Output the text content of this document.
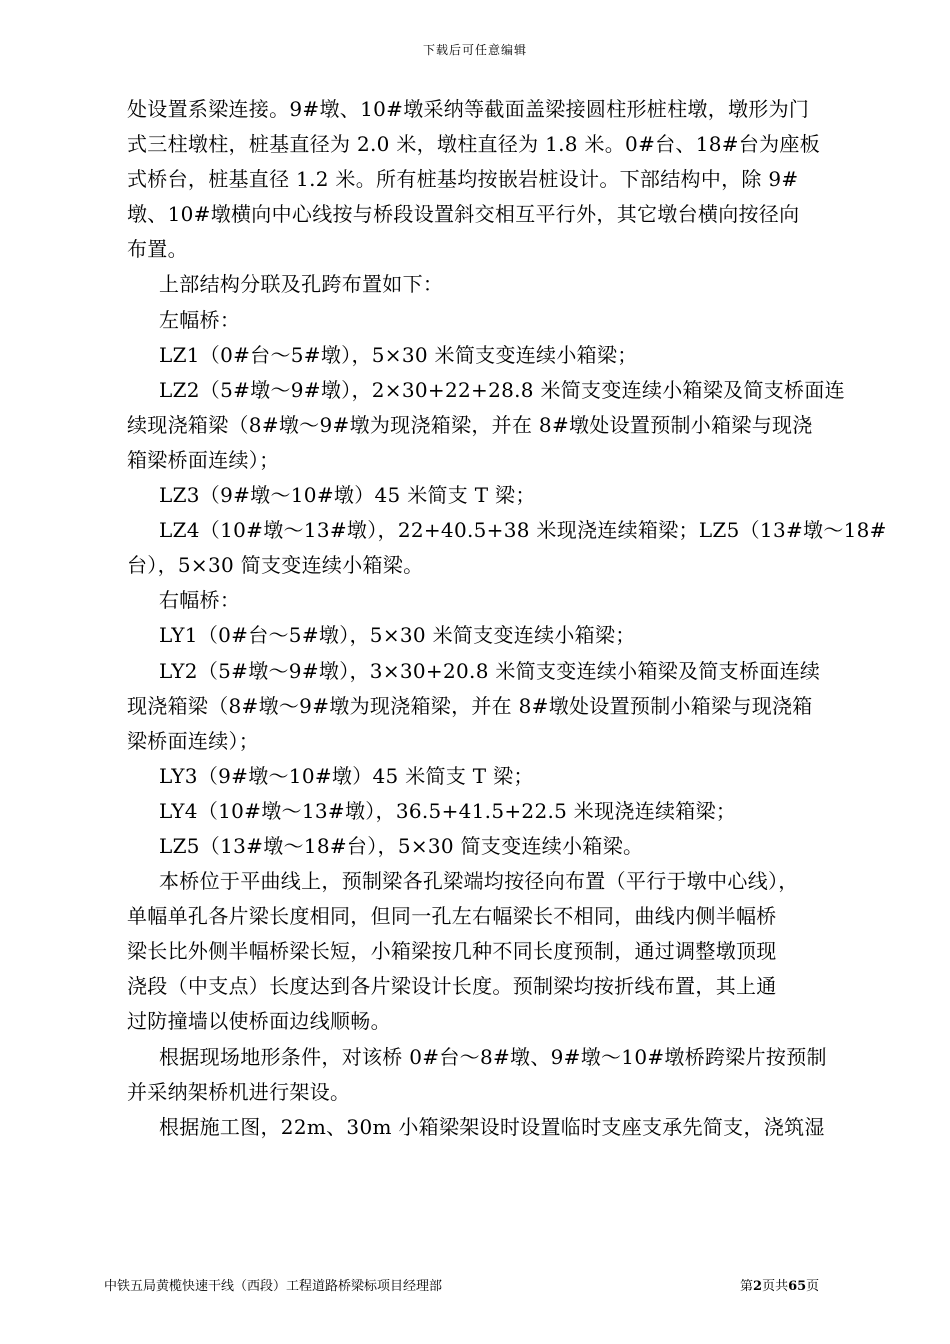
下载后可任意编辑
处设置系梁连接。9#墩、10#墩采纳等截面盖梁接圆柱形桩柱墩，墩形为门
式三柱墩柱，桩基直径为 2.0 米，墩柱直径为 1.8 米。0#台、18#台为座板
式桥台，桩基直径 1.2 米。所有桩基均按嵌岩桩设计。下部结构中，除 9#
墩、10#墩横向中心线按与桥段设置斜交相互平行外，其它墩台横向按径向
布置。
上部结构分联及孔跨布置如下：
左幅桥：
LZ1（0#台～5#墩），5×30 米简支变连续小箱梁；
LZ2（5#墩～9#墩），2×30+22+28.8 米简支变连续小箱梁及简支桥面连
续现浇箱梁（8#墩～9#墩为现浇箱梁，并在 8#墩处设置预制小箱梁与现浇
箱梁桥面连续）；
LZ3（9#墩～10#墩）45 米简支 T 梁；
LZ4（10#墩～13#墩），22+40.5+38 米现浇连续箱梁；LZ5（13#墩～18#
台），5×30 简支变连续小箱梁。
右幅桥：
LY1（0#台～5#墩），5×30 米简支变连续小箱梁；
LY2（5#墩～9#墩），3×30+20.8 米简支变连续小箱梁及简支桥面连续
现浇箱梁（8#墩～9#墩为现浇箱梁，并在 8#墩处设置预制小箱梁与现浇箱
梁桥面连续）；
LY3（9#墩～10#墩）45 米简支 T 梁；
LY4（10#墩～13#墩），36.5+41.5+22.5 米现浇连续箱梁；
LZ5（13#墩～18#台），5×30 简支变连续小箱梁。
本桥位于平曲线上，预制梁各孔梁端均按径向布置（平行于墩中心线），
单幅单孔各片梁长度相同，但同一孔左右幅梁长不相同，曲线内侧半幅桥
梁长比外侧半幅桥梁长短，小箱梁按几种不同长度预制，通过调整墩顶现
浇段（中支点）长度达到各片梁设计长度。预制梁均按折线布置，其上通
过防撞墙以使桥面边线顺畅。
根据现场地形条件，对该桥 0#台～8#墩、9#墩～10#墩桥跨梁片按预制
并采纳架桥机进行架设。
根据施工图，22m、30m 小箱梁架设时设置临时支座支承先简支，浇筑湿
中铁五局黄榄快速干线（西段）工程道路桥梁标项目经理部	第2页共65页
